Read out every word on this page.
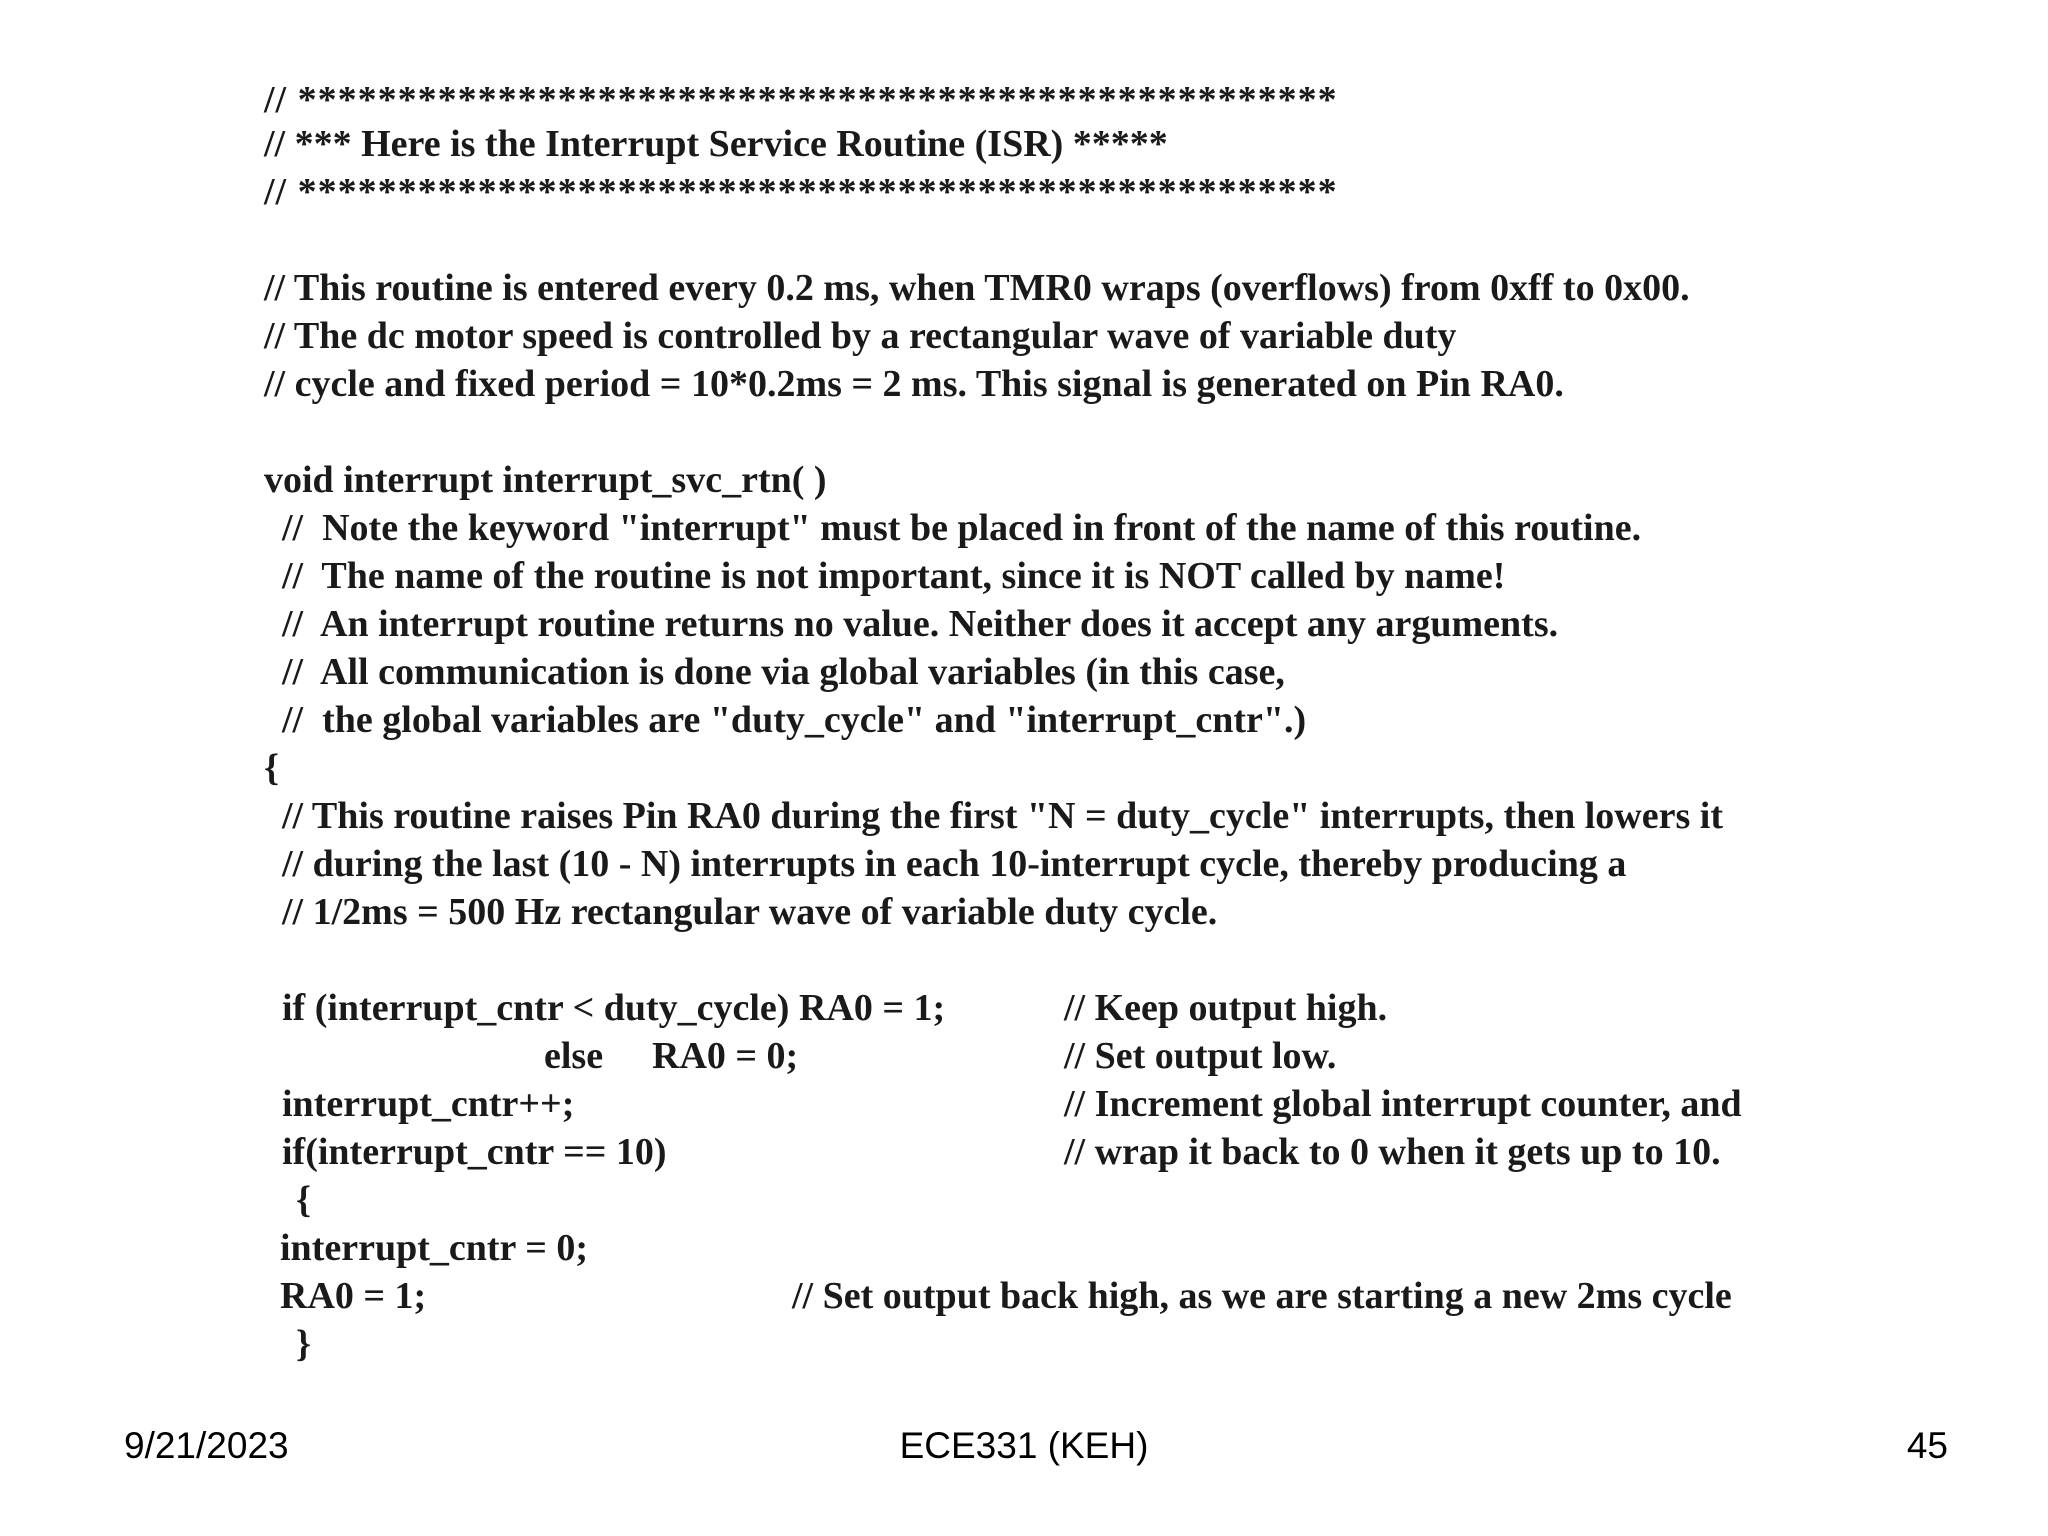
// ****************************************************
// *** Here is the Interrupt Service Routine (ISR) *****
// ****************************************************
// This routine is entered every 0.2 ms, when TMR0 wraps (overflows) from 0xff to 0x00.
// The dc motor speed is controlled by a rectangular wave of variable duty
// cycle and fixed period = 10*0.2ms = 2 ms. This signal is generated on Pin RA0.
void interrupt interrupt_svc_rtn( )
//  Note the keyword "interrupt" must be placed in front of the name of this routine.
//  The name of the routine is not important, since it is NOT called by name!
//  An interrupt routine returns no value. Neither does it accept any arguments.
//  All communication is done via global variables (in this case,
//  the global variables are "duty_cycle" and "interrupt_cntr".)
{
// This routine raises Pin RA0 during the first "N = duty_cycle" interrupts, then lowers it
// during the last (10 - N) interrupts in each 10-interrupt cycle, thereby producing a
// 1/2ms = 500 Hz rectangular wave of variable duty cycle.
if (interrupt_cntr < duty_cycle) RA0 = 1;	// Keep output high.
else RA0 = 0;	// Set output low.
interrupt_cntr++;	// Increment global interrupt counter, and
if(interrupt_cntr == 10)	// wrap it back to 0 when it gets up to 10.
{
interrupt_cntr = 0;
RA0 = 1;	// Set output back high, as we are starting a new 2ms cycle
}
9/21/2023	ECE331 (KEH)	45
